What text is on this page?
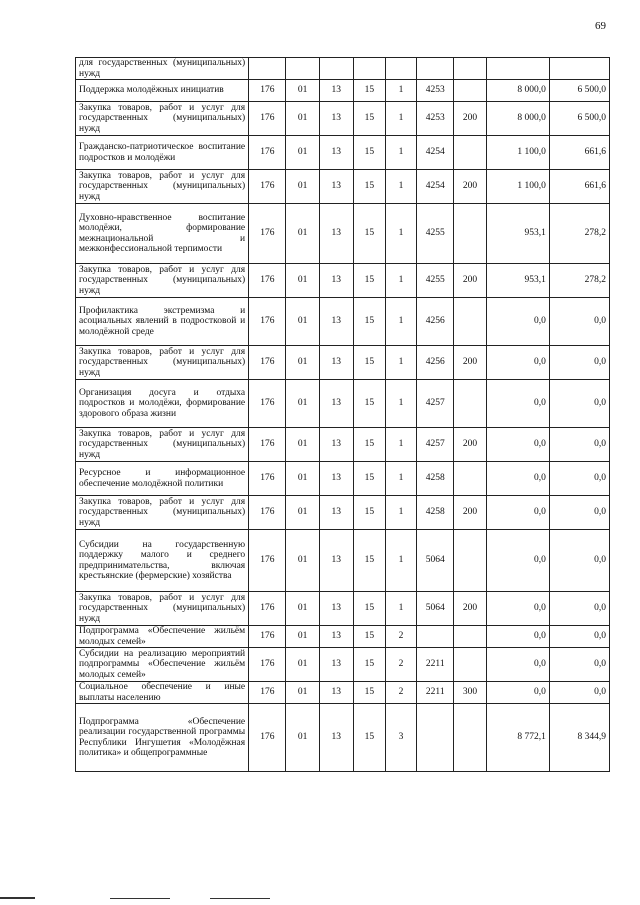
69
для государственных (муниципальных) нужд									
Поддержка молодёжных инициатив	176	01	13	15	1	4253		8 000,0	6 500,0
Закупка товаров, работ и услуг для государственных (муниципальных) нужд	176	01	13	15	1	4253	200	8 000,0	6 500,0
Гражданско-патриотическое воспитание подростков и молодёжи	176	01	13	15	1	4254		1 100,0	661,6
Закупка товаров, работ и услуг для государственных (муниципальных) нужд	176	01	13	15	1	4254	200	1 100,0	661,6
Духовно-нравственное воспитание молодёжи, формирование межнациональной и межконфессиональной терпимости	176	01	13	15	1	4255		953,1	278,2
Закупка товаров, работ и услуг для государственных (муниципальных) нужд	176	01	13	15	1	4255	200	953,1	278,2
Профилактика экстремизма и асоциальных явлений в подростковой и молодёжной среде	176	01	13	15	1	4256		0,0	0,0
Закупка товаров, работ и услуг для государственных (муниципальных) нужд	176	01	13	15	1	4256	200	0,0	0,0
Организация досуга и отдыха подростков и молодёжи, формирование здорового образа жизни	176	01	13	15	1	4257		0,0	0,0
Закупка товаров, работ и услуг для государственных (муниципальных) нужд	176	01	13	15	1	4257	200	0,0	0,0
Ресурсное и информационное обеспечение молодёжной политики	176	01	13	15	1	4258		0,0	0,0
Закупка товаров, работ и услуг для государственных (муниципальных) нужд	176	01	13	15	1	4258	200	0,0	0,0
Субсидии на государственную поддержку малого и среднего предпринимательства, включая крестьянские (фермерские) хозяйства	176	01	13	15	1	5064		0,0	0,0
Закупка товаров, работ и услуг для государственных (муниципальных) нужд	176	01	13	15	1	5064	200	0,0	0,0
Подпрограмма «Обеспечение жильём молодых семей»	176	01	13	15	2			0,0	0,0
Субсидии на реализацию мероприятий подпрограммы «Обеспечение жильём молодых семей»	176	01	13	15	2	2211		0,0	0,0
Социальное обеспечение и иные выплаты населению	176	01	13	15	2	2211	300	0,0	0,0
Подпрограмма «Обеспечение реализации государственной программы Республики Ингушетия «Молодёжная политика» и общепрограммные	176	01	13	15	3			8 772,1	8 344,9
